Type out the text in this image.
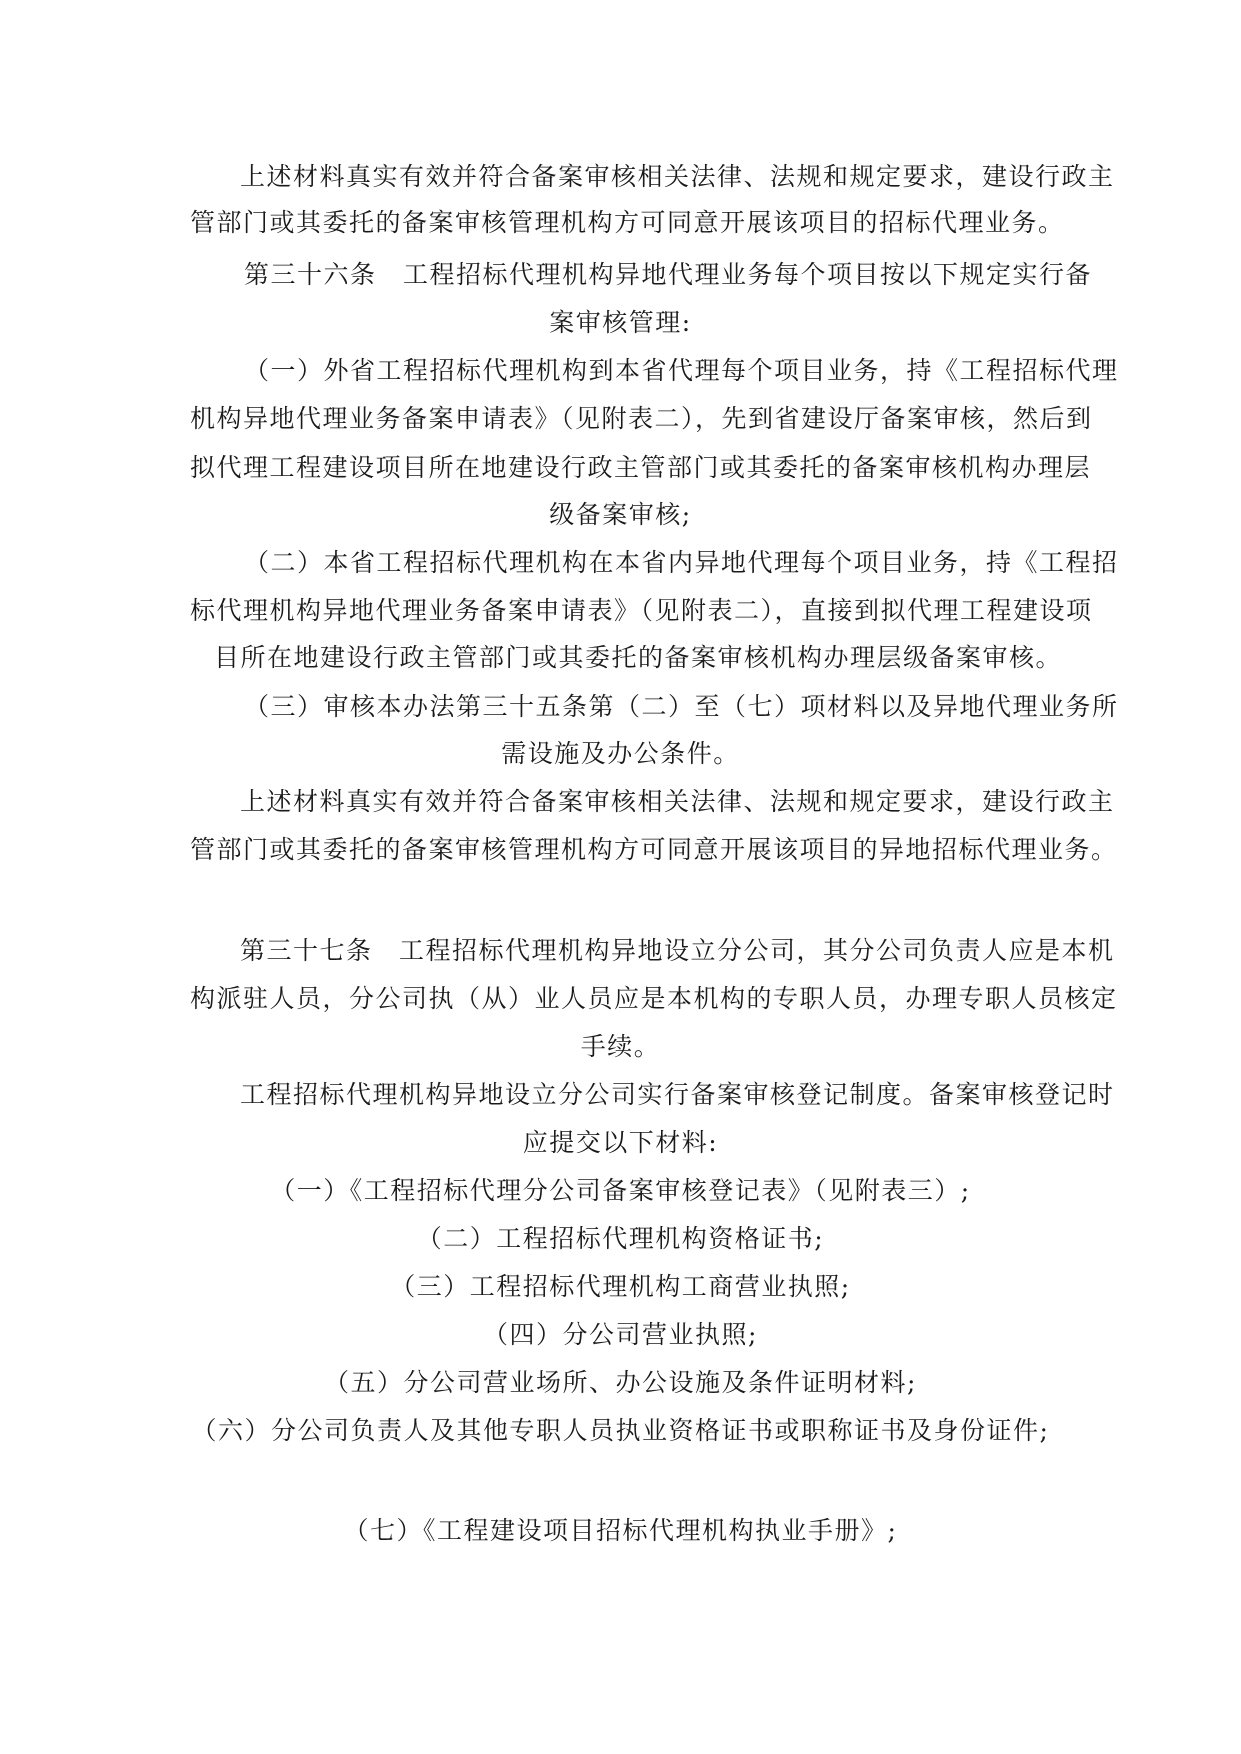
上述材料真实有效并符合备案审核相关法律、法规和规定要求，建设行政主
管部门或其委托的备案审核管理机构方可同意开展该项目的招标代理业务。
第三十六条　工程招标代理机构异地代理业务每个项目按以下规定实行备
案审核管理:
（一）外省工程招标代理机构到本省代理每个项目业务，持《工程招标代理
机构异地代理业务备案申请表》（见附表二），先到省建设厅备案审核，然后到
拟代理工程建设项目所在地建设行政主管部门或其委托的备案审核机构办理层
级备案审核;
（二）本省工程招标代理机构在本省内异地代理每个项目业务，持《工程招
标代理机构异地代理业务备案申请表》（见附表二），直接到拟代理工程建设项
目所在地建设行政主管部门或其委托的备案审核机构办理层级备案审核。
（三）审核本办法第三十五条第（二）至（七）项材料以及异地代理业务所
需设施及办公条件。
上述材料真实有效并符合备案审核相关法律、法规和规定要求，建设行政主
管部门或其委托的备案审核管理机构方可同意开展该项目的异地招标代理业务。
第三十七条　工程招标代理机构异地设立分公司，其分公司负责人应是本机
构派驻人员，分公司执（从）业人员应是本机构的专职人员，办理专职人员核定
手续。
工程招标代理机构异地设立分公司实行备案审核登记制度。备案审核登记时
应提交以下材料:
（一）《工程招标代理分公司备案审核登记表》（见附表三）;
（二）工程招标代理机构资格证书;
（三）工程招标代理机构工商营业执照;
（四）分公司营业执照;
（五）分公司营业场所、办公设施及条件证明材料;
（六）分公司负责人及其他专职人员执业资格证书或职称证书及身份证件;
（七）《工程建设项目招标代理机构执业手册》;
